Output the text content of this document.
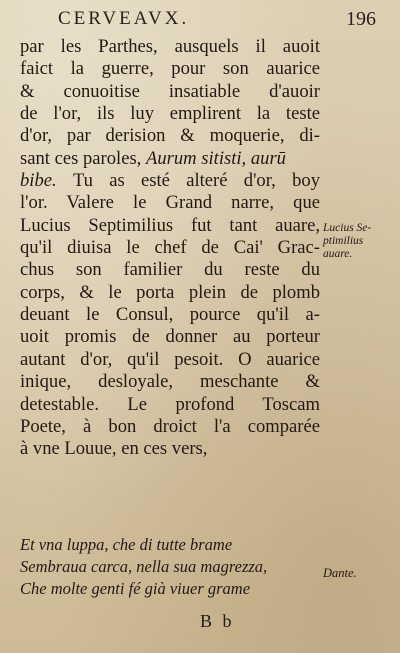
CERVEAVX.	196
par les Parthes, ausquels il auoit
faict la guerre, pour son auarice
& conuoitise insatiable d'auoir
de l'or, ils luy emplirent la teste
d'or, par derision & moquerie, di-
sant ces paroles, Aurum sitisti, aurū
bibe. Tu as esté alteré d'or, boy
l'or. Valere le Grand narre, que
Lucius Septimilius fut tant auare,
qu'il diuisa le chef de Cai' Grac-
chus son familier du reste du
corps, & le porta plein de plomb
deuant le Consul, pource qu'il a-
uoit promis de donner au porteur
autant d'or, qu'il pesoit. O auarice
inique, desloyale, meschante &
detestable. Le profond Toscam
Poete, à bon droict l'a comparée
à vne Louue, en ces vers,
Lucius Se-
ptimilius
auare.
Et vna luppa, che di tutte brame
Sembraua carca, nella sua magrezza,
Che molte genti fé già viuer grame
Dante.
B b
